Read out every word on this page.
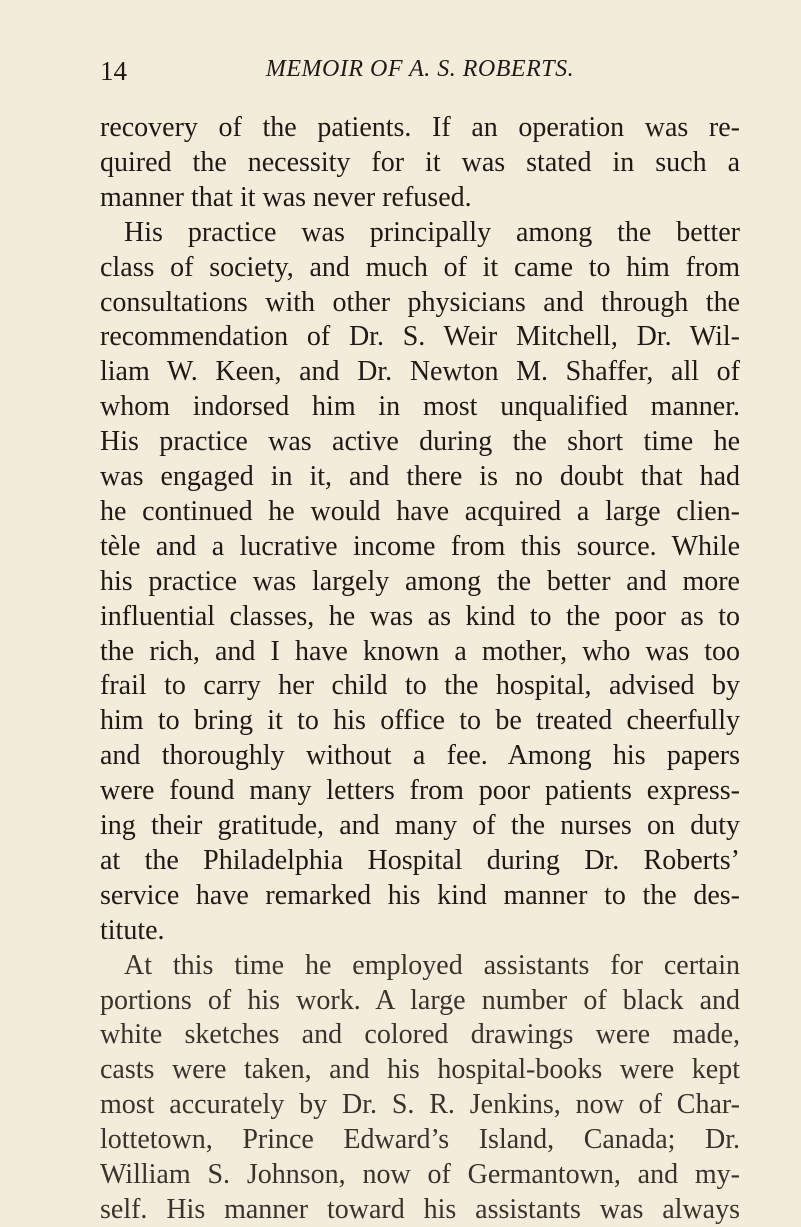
14	MEMOIR OF A. S. ROBERTS.
recovery of the patients. If an operation was re-
quired the necessity for it was stated in such a
manner that it was never refused.
His practice was principally among the better
class of society, and much of it came to him from
consultations with other physicians and through the
recommendation of Dr. S. Weir Mitchell, Dr. Wil-
liam W. Keen, and Dr. Newton M. Shaffer, all of
whom indorsed him in most unqualified manner.
His practice was active during the short time he
was engaged in it, and there is no doubt that had
he continued he would have acquired a large clien-
tèle and a lucrative income from this source. While
his practice was largely among the better and more
influential classes, he was as kind to the poor as to
the rich, and I have known a mother, who was too
frail to carry her child to the hospital, advised by
him to bring it to his office to be treated cheerfully
and thoroughly without a fee. Among his papers
were found many letters from poor patients express-
ing their gratitude, and many of the nurses on duty
at the Philadelphia Hospital during Dr. Roberts’
service have remarked his kind manner to the des-
titute.
At this time he employed assistants for certain
portions of his work. A large number of black and
white sketches and colored drawings were made,
casts were taken, and his hospital-books were kept
most accurately by Dr. S. R. Jenkins, now of Char-
lottetown, Prince Edward’s Island, Canada; Dr.
William S. Johnson, now of Germantown, and my-
self. His manner toward his assistants was always
